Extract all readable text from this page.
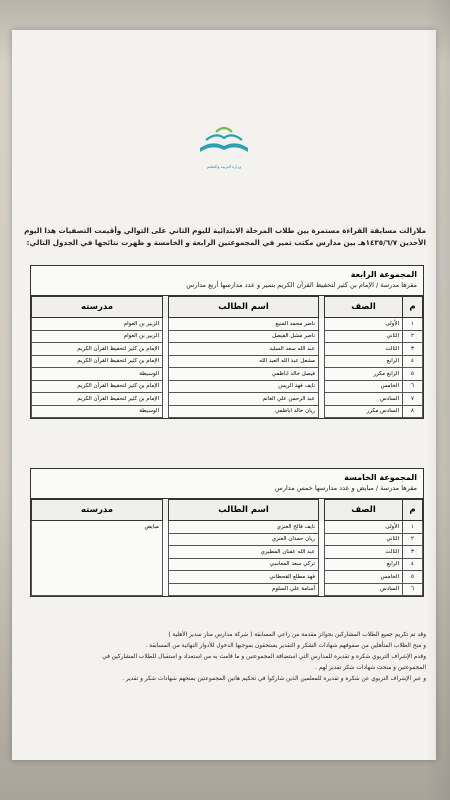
وزارة التربية والتعليم
ملازالت مسابقة القراءة مستمرة بين طلاب المرحلة الابتدائية لليوم الثاني على التوالي وأقيمت التصفيات هذا اليوم
الأحدين ١٤٣٥/٦/٧هـ بين مدارس مكتب تمير في المجموعتين الرابعة و الخامسة و ظهرت نتائجها في الجدول التالي:
المجموعة الرابعة
مقرها مدرسة / الإمام بن كثير لتحفيظ القرآن الكريم بتمير و عدد مدارسها أربع مدارس
م	الصف		اسم الطالب		مدرسته
١	الأولى		ناصر محمد المنيع		الزبير بن العوام
٢	الثاني		ناصر مشل الفيصل		الزبير بن العوام
٣	الثالث		عبد الله سعد السليد		الإمام بن كثير لتحفيظ القرآن الكريم
٤	الرابع		مشعل عبد الله العبد الله		الإمام بن كثير لتحفيظ القرآن الكريم
٥	الرابع مكرر		فيصل خالد اباظمي		الوسيطة
٦	الخامس		نايف فهد الريس		الإمام بن كثير لتحفيظ القرآن الكريم
٧	السادس		عبد الرحمن علي الغانم		الإمام بن كثير لتحفيظ القرآن الكريم
٨	السادس مكرر		ريان خالد اباظمي		الوسيطة
المجموعة الخامسة
مقرها مدرسة / مبايض و عدد مدارسها خمس مدارس
م	الصف		اسم الطالب		مدرسته
١	الأولى		نايف فالح العنزي		مبايض
٢	الثاني		ريان حمدان العنزي		
٣	الثالث		عبد الله عفنان المطيري		
٤	الرابع		تركي سعد المعاسي		
٥	الخامس		فهد مطلع القحطاني		
٦	السادس		أسامة علي السلوم		

وقد تم تكريم جميع الطلاب المشاركين بجوائز مقدمة من راعي المسابقة ( شركة مدارس منار سدير الأهلية )

و منح الطلاب المتأهلين من صفوفهم شهادات الشكر و التقدير يستحقون بموجبها الدخول للأدوار النهائية من المسابقة .

وقدم الإشراف التربوي شكره و تقديره للمدارس التي استضافة المجموعتين و ما قامت به من استعداد و استقبال للطلاب المشاركين في

المجموعتين و منحت شهادات شكر تقدير لهم .

و عبر الإشراف التربوي عن شكره و تقديره للمعلمين الذين شاركوا في تحكيم هاتين المجموعتين بمنحهم شهادات شكر و تقدير .
